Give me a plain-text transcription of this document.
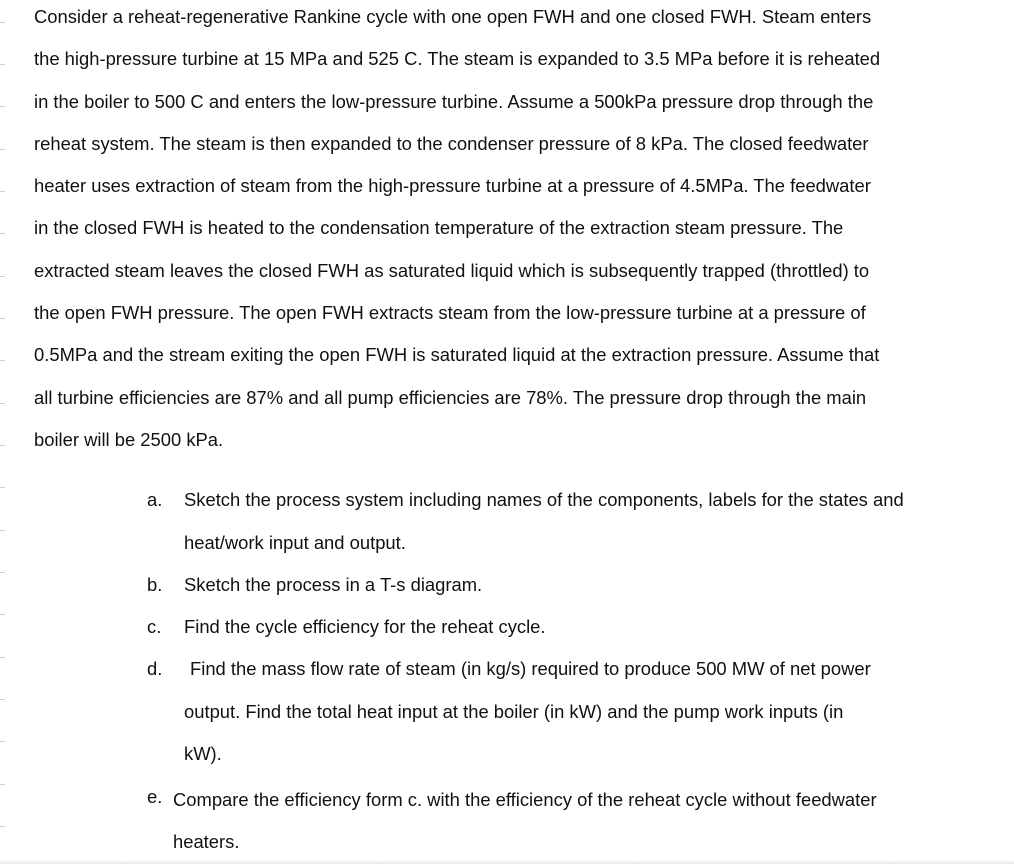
Consider a reheat-regenerative Rankine cycle with one open FWH and one closed FWH. Steam enters
the high-pressure turbine at 15 MPa and 525 C. The steam is expanded to 3.5 MPa before it is reheated
in the boiler to 500 C and enters the low-pressure turbine. Assume a 500kPa pressure drop through the
reheat system. The steam is then expanded to the condenser pressure of 8 kPa. The closed feedwater
heater uses extraction of steam from the high-pressure turbine at a pressure of 4.5MPa. The feedwater
in the closed FWH is heated to the condensation temperature of the extraction steam pressure. The
extracted steam leaves the closed FWH as saturated liquid which is subsequently trapped (throttled) to
the open FWH pressure. The open FWH extracts steam from the low-pressure turbine at a pressure of
0.5MPa and the stream exiting the open FWH is saturated liquid at the extraction pressure. Assume that
all turbine efficiencies are 87% and all pump efficiencies are 78%. The pressure drop through the main
boiler will be 2500 kPa.

a. Sketch the process system including names of the components, labels for the states and
heat/work input and output.
b. Sketch the process in a T-s diagram.
c. Find the cycle efficiency for the reheat cycle.
d. Find the mass flow rate of steam (in kg/s) required to produce 500 MW of net power
output. Find the total heat input at the boiler (in kW) and the pump work inputs (in
kW).
e. Compare the efficiency form c. with the efficiency of the reheat cycle without feedwater
heaters.
